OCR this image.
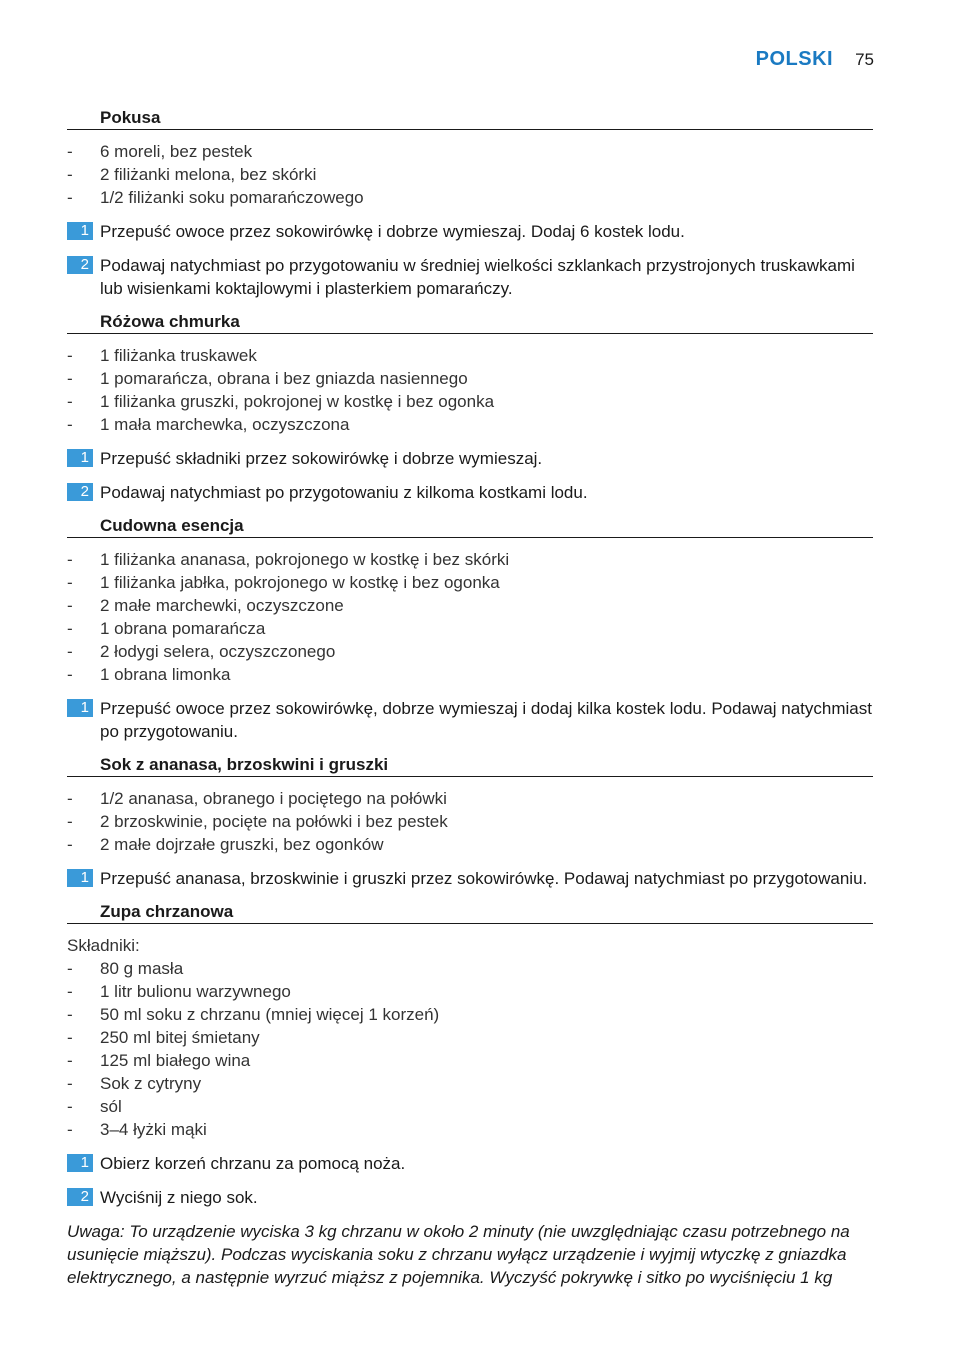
POLSKI 75
Pokusa
- 6 moreli, bez pestek
- 2 filiżanki melona, bez skórki
- 1/2 filiżanki soku pomarańczowego
1 Przepuść owoce przez sokowirówkę i dobrze wymieszaj. Dodaj 6 kostek lodu.
2 Podawaj natychmiast po przygotowaniu w średniej wielkości szklankach przystrojonych truskawkami lub wisienkami koktajlowymi i plasterkiem pomarańczy.
Różowa chmurka
- 1 filiżanka truskawek
- 1 pomarańcza, obrana i bez gniazda nasiennego
- 1 filiżanka gruszki, pokrojonej w kostkę i bez ogonka
- 1 mała marchewka, oczyszczona
1 Przepuść składniki przez sokowirówkę i dobrze wymieszaj.
2 Podawaj natychmiast po przygotowaniu z kilkoma kostkami lodu.
Cudowna esencja
- 1 filiżanka ananasa, pokrojonego w kostkę i bez skórki
- 1 filiżanka jabłka, pokrojonego w kostkę i bez ogonka
- 2 małe marchewki, oczyszczone
- 1 obrana pomarańcza
- 2 łodygi selera, oczyszczonego
- 1 obrana limonka
1 Przepuść owoce przez sokowirówkę, dobrze wymieszaj i dodaj kilka kostek lodu. Podawaj natychmiast po przygotowaniu.
Sok z ananasa, brzoskwini i gruszki
- 1/2 ananasa, obranego i pociętego na połówki
- 2 brzoskwinie, pocięte na połówki i bez pestek
- 2 małe dojrzałe gruszki, bez ogonków
1 Przepuść ananasa, brzoskwinie i gruszki przez sokowirówkę. Podawaj natychmiast po przygotowaniu.
Zupa chrzanowa
Składniki:
- 80 g masła
- 1 litr bulionu warzywnego
- 50 ml soku z chrzanu (mniej więcej 1 korzeń)
- 250 ml bitej śmietany
- 125 ml białego wina
- Sok z cytryny
- sól
- 3–4 łyżki mąki
1 Obierz korzeń chrzanu za pomocą noża.
2 Wyciśnij z niego sok.
Uwaga: To urządzenie wyciska 3 kg chrzanu w około 2 minuty (nie uwzględniając czasu potrzebnego na usunięcie miąższu). Podczas wyciskania soku z chrzanu wyłącz urządzenie i wyjmij wtyczkę z gniazdka elektrycznego, a następnie wyrzuć miąższ z pojemnika. Wyczyść pokrywkę i sitko po wyciśnięciu 1 kg
